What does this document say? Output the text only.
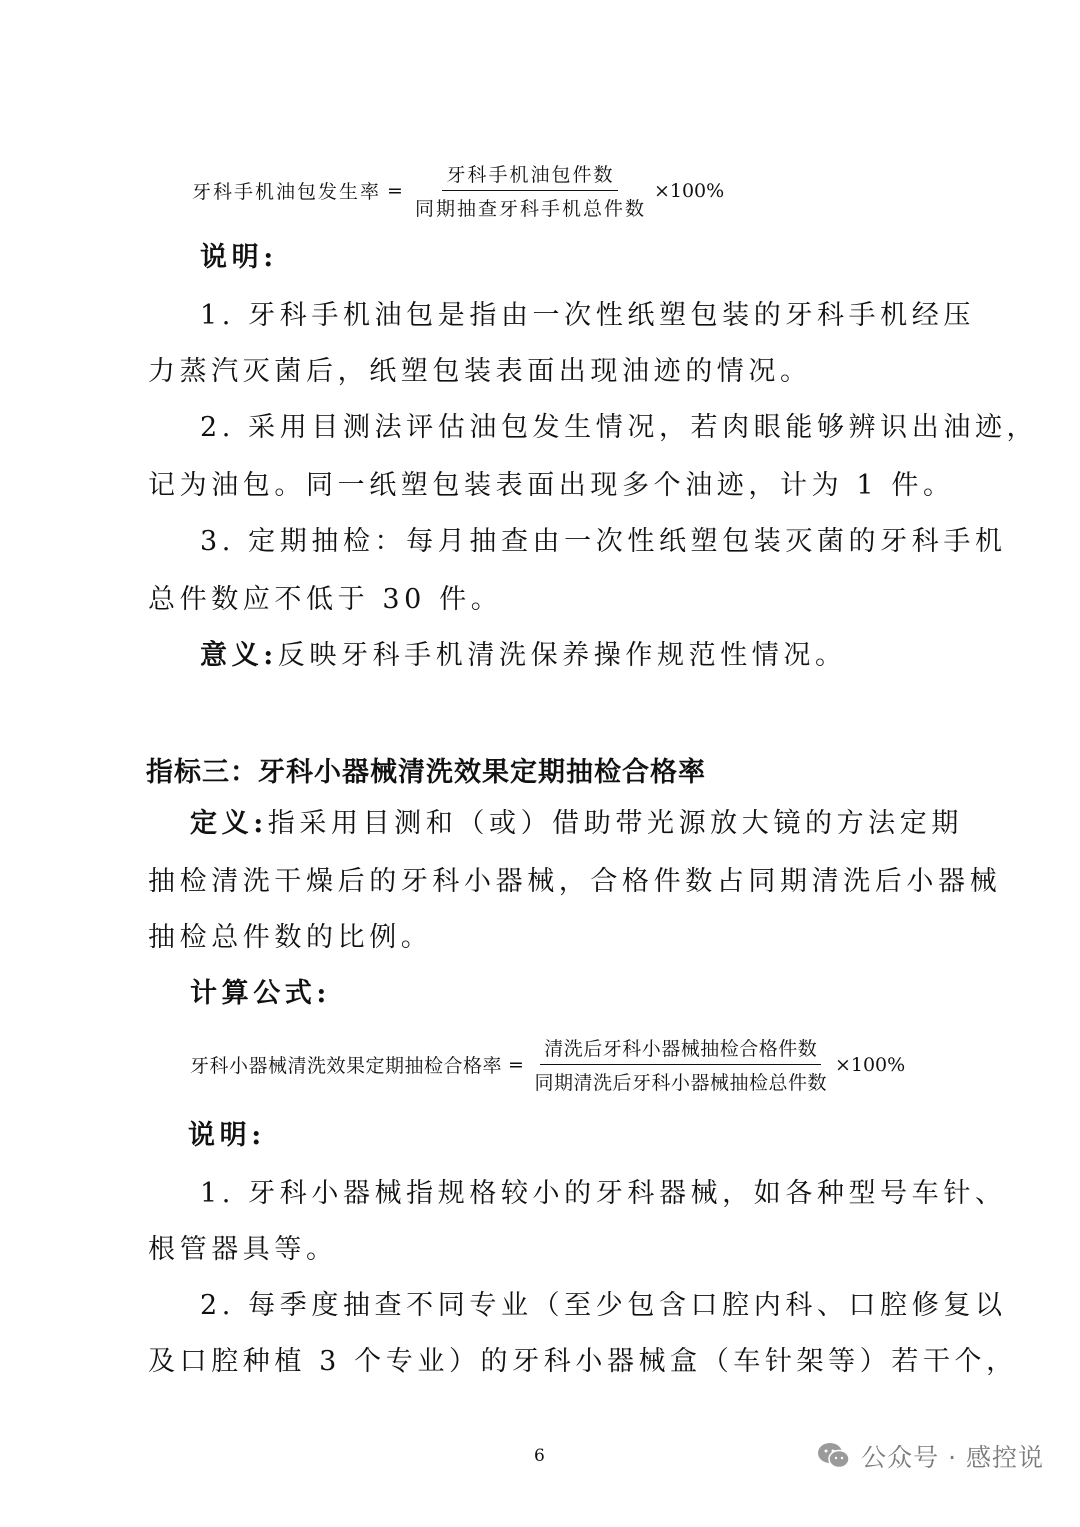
牙科手机油包发生率 = $\frac{\text{牙科手机油包件数}}{\text{同期抽查牙科手机总件数}} \times 100\%$
说明:
1. 牙科手机油包是指由一次性纸塑包装的牙科手机经压
力蒸汽灭菌后，纸塑包装表面出现油迹的情况。
2. 采用目测法评估油包发生情况，若肉眼能够辨识出油迹，
记为油包。同一纸塑包装表面出现多个油迹，计为 1 件。
3. 定期抽检：每月抽查由一次性纸塑包装灭菌的牙科手机
总件数应不低于 30 件。
意义:反映牙科手机清洗保养操作规范性情况。
指标三：牙科小器械清洗效果定期抽检合格率
定义:指采用目测和（或）借助带光源放大镜的方法定期
抽检清洗干燥后的牙科小器械，合格件数占同期清洗后小器械
抽检总件数的比例。
计算公式:
牙科小器械清洗效果定期抽检合格率 = $\frac{\text{清洗后牙科小器械抽检合格件数}}{\text{同期清洗后牙科小器械抽检总件数}} \times 100\%$
说明:
1. 牙科小器械指规格较小的牙科器械，如各种型号车针、
根管器具等。
2. 每季度抽查不同专业（至少包含口腔内科、口腔修复以
及口腔种植 3 个专业）的牙科小器械盒（车针架等）若干个，
6	公众号 · 感控说
